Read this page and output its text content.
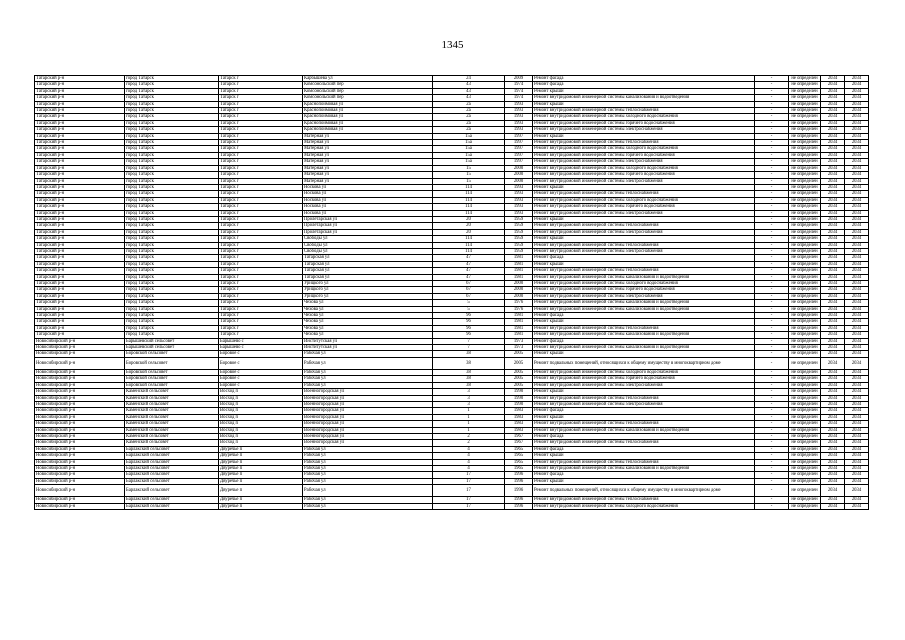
1345
Татарский р-н	город Татарск	Татарск г	Карбышева ул	24	2009	Ремонт фасада	-	не определен	2034	2034
Татарский р-н	город Татарск	Татарск г	Комсомольский пер	43	1974	Ремонт фасада	-	не определен	2034	2034
Татарский р-н	город Татарск	Татарск г	Комсомольский пер	43	1974	Ремонт крыши	-	не определен	2034	2034
Татарский р-н	город Татарск	Татарск г	Комсомольский пер	43	1974	Ремонт внутридомовой инженерной системы канализования и водоотведения	-	не определен	2034	2034
Татарский р-н	город Татарск	Татарск г	Краснопоимовая ул	2а	1993	Ремонт крыши	-	не определен	2034	2034
Татарский р-н	город Татарск	Татарск г	Краснопоимовая ул	2а	1993	Ремонт внутридомовой инженерной системы теплоснабжения	-	не определен	2034	2034
Татарский р-н	город Татарск	Татарск г	Краснопоимовая ул	2а	1993	Ремонт внутридомовой инженерной системы холодного водоснабжения	-	не определен	2034	2034
Татарский р-н	город Татарск	Татарск г	Краснопоимовая ул	2а	1993	Ремонт внутридомовой инженерной системы горячего водоснабжения	-	не определен	2034	2034
Татарский р-н	город Татарск	Татарск г	Краснопоимовая ул	2а	1993	Ремонт внутридомовой инженерной системы электроснабжения	-	не определен	2034	2034
Татарский р-н	город Татарск	Татарск г	Матерная ул	15а	1997	Ремонт крыши	-	не определен	2034	2034
Татарский р-н	город Татарск	Татарск г	Матерная ул	15а	1997	Ремонт внутридомовой инженерной системы теплоснабжения	-	не определен	2034	2034
Татарский р-н	город Татарск	Татарск г	Матерная ул	15а	1997	Ремонт внутридомовой инженерной системы холодного водоснабжения	-	не определен	2034	2034
Татарский р-н	город Татарск	Татарск г	Матерная ул	15а	1997	Ремонт внутридомовой инженерной системы горячего водоснабжения	-	не определен	2034	2034
Татарский р-н	город Татарск	Татарск г	Матерная ул	15а	1997	Ремонт внутридомовой инженерной системы электроснабжения	-	не определен	2034	2034
Татарский р-н	город Татарск	Татарск г	Матерная ул	15	2000	Ремонт внутридомовой инженерной системы холодного водоснабжения	-	не определен	2034	2034
Татарский р-н	город Татарск	Татарск г	Матерная ул	15	2000	Ремонт внутридомовой инженерной системы горячего водоснабжения	-	не определен	2034	2034
Татарский р-н	город Татарск	Татарск г	Матерная ул	15	2000	Ремонт внутридомовой инженерной системы электроснабжения	-	не определен	2034	2034
Татарский р-н	город Татарск	Татарск г	Носкова ул	114	1993	Ремонт крыши	-	не определен	2034	2034
Татарский р-н	город Татарск	Татарск г	Носкова ул	114	1993	Ремонт внутридомовой инженерной системы теплоснабжения	-	не определен	2034	2034
Татарский р-н	город Татарск	Татарск г	Носкова ул	114	1993	Ремонт внутридомовой инженерной системы холодного водоснабжения	-	не определен	2034	2034
Татарский р-н	город Татарск	Татарск г	Носкова ул	114	1993	Ремонт внутридомовой инженерной системы горячего водоснабжения	-	не определен	2034	2034
Татарский р-н	город Татарск	Татарск г	Носкова ул	114	1993	Ремонт внутридомовой инженерной системы электроснабжения	-	не определен	2034	2034
Татарский р-н	город Татарск	Татарск г	Пролетарская ул	20	1959	Ремонт крыши	-	не определен	2034	2034
Татарский р-н	город Татарск	Татарск г	Пролетарская ул	20	1959	Ремонт внутридомовой инженерной системы теплоснабжения	-	не определен	2034	2034
Татарский р-н	город Татарск	Татарск г	Пролетарская ул	20	1959	Ремонт внутридомовой инженерной системы электроснабжения	-	не определен	2034	2034
Татарский р-н	город Татарск	Татарск г	Свободы ул	114	1959	Ремонт крыши	-	не определен	2034	2034
Татарский р-н	город Татарск	Татарск г	Свободы ул	114	1959	Ремонт внутридомовой инженерной системы теплоснабжения	-	не определен	2034	2034
Татарский р-н	город Татарск	Татарск г	Свободы ул	114	1959	Ремонт внутридомовой инженерной системы электроснабжения	-	не определен	2034	2034
Татарский р-н	город Татарск	Татарск г	Татарская ул	47	1981	Ремонт фасада	-	не определен	2034	2034
Татарский р-н	город Татарск	Татарск г	Татарская ул	47	1981	Ремонт крыши	-	не определен	2034	2034
Татарский р-н	город Татарск	Татарск г	Татарская ул	47	1981	Ремонт внутридомовой инженерной системы теплоснабжения	-	не определен	2034	2034
Татарский р-н	город Татарск	Татарск г	Татарская ул	47	1981	Ремонт внутридомовой инженерной системы канализования и водоотведения	-	не определен	2034	2034
Татарский р-н	город Татарск	Татарск г	Урицкого ул	67	2000	Ремонт внутридомовой инженерной системы холодного водоснабжения	-	не определен	2034	2034
Татарский р-н	город Татарск	Татарск г	Урицкого ул	67	2000	Ремонт внутридомовой инженерной системы горячего водоснабжения	-	не определен	2034	2034
Татарский р-н	город Татарск	Татарск г	Урицкого ул	67	2000	Ремонт внутридомовой инженерной системы электроснабжения	-	не определен	2034	2034
Татарский р-н	город Татарск	Татарск г	Чехова ул	5	1976	Ремонт внутридомовой инженерной системы канализования и водоотведения	-	не определен	2034	2034
Татарский р-н	город Татарск	Татарск г	Чехова ул	5	1976	Ремонт внутридомовой инженерной системы канализования и водоотведения	-	не определен	2034	2034
Татарский р-н	город Татарск	Татарск г	Чехова ул	96	1981	Ремонт фасада	-	не определен	2034	2034
Татарский р-н	город Татарск	Татарск г	Чехова ул	96	1981	Ремонт крыши	-	не определен	2034	2034
Татарский р-н	город Татарск	Татарск г	Чехова ул	96	1981	Ремонт внутридомовой инженерной системы теплоснабжения	-	не определен	2034	2034
Татарский р-н	город Татарск	Татарск г	Чехова ул	96	1981	Ремонт внутридомовой инженерной системы канализования и водоотведения	-	не определен	2034	2034
Новосибирский р-н	Барышевский сельсовет	Барышево с	Институтская ул	7	1973	Ремонт фасада	-	не определен	2034	2034
Новосибирский р-н	Барышевский сельсовет	Барышево с	Институтская ул	7	1973	Ремонт внутридомовой инженерной системы канализования и водоотведения	-	не определен	2034	2034
Новосибирский р-н	Боровской сельсовет	Боровое с	Рабочая ул	38	2005	Ремонт крыши	-	не определен	2034	2034
Новосибирский р-н	Боровской сельсовет	Боровое с	Рабочая ул	38	2005	Ремонт подвальных помещений, относящихся к общему имуществу в многоквартирном доме	-	не определен	2034	2034
Новосибирский р-н	Боровской сельсовет	Боровое с	Рабочая ул	38	2005	Ремонт внутридомовой инженерной системы холодного водоснабжения	-	не определен	2034	2034
Новосибирский р-н	Боровской сельсовет	Боровое с	Рабочая ул	38	2005	Ремонт внутридомовой инженерной системы горячего водоснабжения	-	не определен	2034	2034
Новосибирский р-н	Боровской сельсовет	Боровое с	Рабочая ул	38	2005	Ремонт внутридомовой инженерной системы электроснабжения	-	не определен	2034	2034
Новосибирский р-н	Каменский сельсовет	Восход п	Военногородская ул	3	1990	Ремонт крыши	-	не определен	2034	2034
Новосибирский р-н	Каменский сельсовет	Восход п	Военногородская ул	3	1990	Ремонт внутридомовой инженерной системы теплоснабжения	-	не определен	2034	2034
Новосибирский р-н	Каменский сельсовет	Восход п	Военногородская ул	3	1990	Ремонт внутридомовой инженерной системы электроснабжения	-	не определен	2034	2034
Новосибирский р-н	Каменский сельсовет	Восход п	Военногородская ул	1	1983	Ремонт фасада	-	не определен	2034	2034
Новосибирский р-н	Каменский сельсовет	Восход п	Военногородская ул	1	1983	Ремонт крыши	-	не определен	2034	2034
Новосибирский р-н	Каменский сельсовет	Восход п	Военногородская ул	1	1983	Ремонт внутридомовой инженерной системы теплоснабжения	-	не определен	2034	2034
Новосибирский р-н	Каменский сельсовет	Восход п	Военногородская ул	1	1983	Ремонт внутридомовой инженерной системы канализования и водоотведения	-	не определен	2034	2034
Новосибирский р-н	Каменский сельсовет	Восход п	Военногородская ул	2	1967	Ремонт фасада	-	не определен	2034	2034
Новосибирский р-н	Каменский сельсовет	Восход п	Военногородская ул	2	1967	Ремонт внутридомовой инженерной системы теплоснабжения	-	не определен	2034	2034
Новосибирский р-н	Барлакский сельсовет	Двуречье п	Рабочая ул	4	1965	Ремонт фасада	-	не определен	2034	2034
Новосибирский р-н	Барлакский сельсовет	Двуречье п	Рабочая ул	4	1965	Ремонт крыши	-	не определен	2034	2034
Новосибирский р-н	Барлакский сельсовет	Двуречье п	Рабочая ул	4	1965	Ремонт внутридомовой инженерной системы теплоснабжения	-	не определен	2034	2034
Новосибирский р-н	Барлакский сельсовет	Двуречье п	Рабочая ул	4	1965	Ремонт внутридомовой инженерной системы канализования и водоотведения	-	не определен	2034	2034
Новосибирский р-н	Барлакский сельсовет	Двуречье п	Рабочая ул	17	1996	Ремонт фасада	-	не определен	2034	2034
Новосибирский р-н	Барлакский сельсовет	Двуречье п	Рабочая ул	17	1996	Ремонт крыши	-	не определен	2034	2034
Новосибирский р-н	Барлакский сельсовет	Двуречье п	Рабочая ул	17	1996	Ремонт подвальных помещений, относящихся к общему имуществу в многоквартирном доме	-	не определен	2034	2034
Новосибирский р-н	Барлакский сельсовет	Двуречье п	Рабочая ул	17	1996	Ремонт внутридомовой инженерной системы теплоснабжения	-	не определен	2034	2034
Новосибирский р-н	Барлакский сельсовет	Двуречье п	Рабочая ул	17	1996	Ремонт внутридомовой инженерной системы холодного водоснабжения	-	не определен	2034	2034
